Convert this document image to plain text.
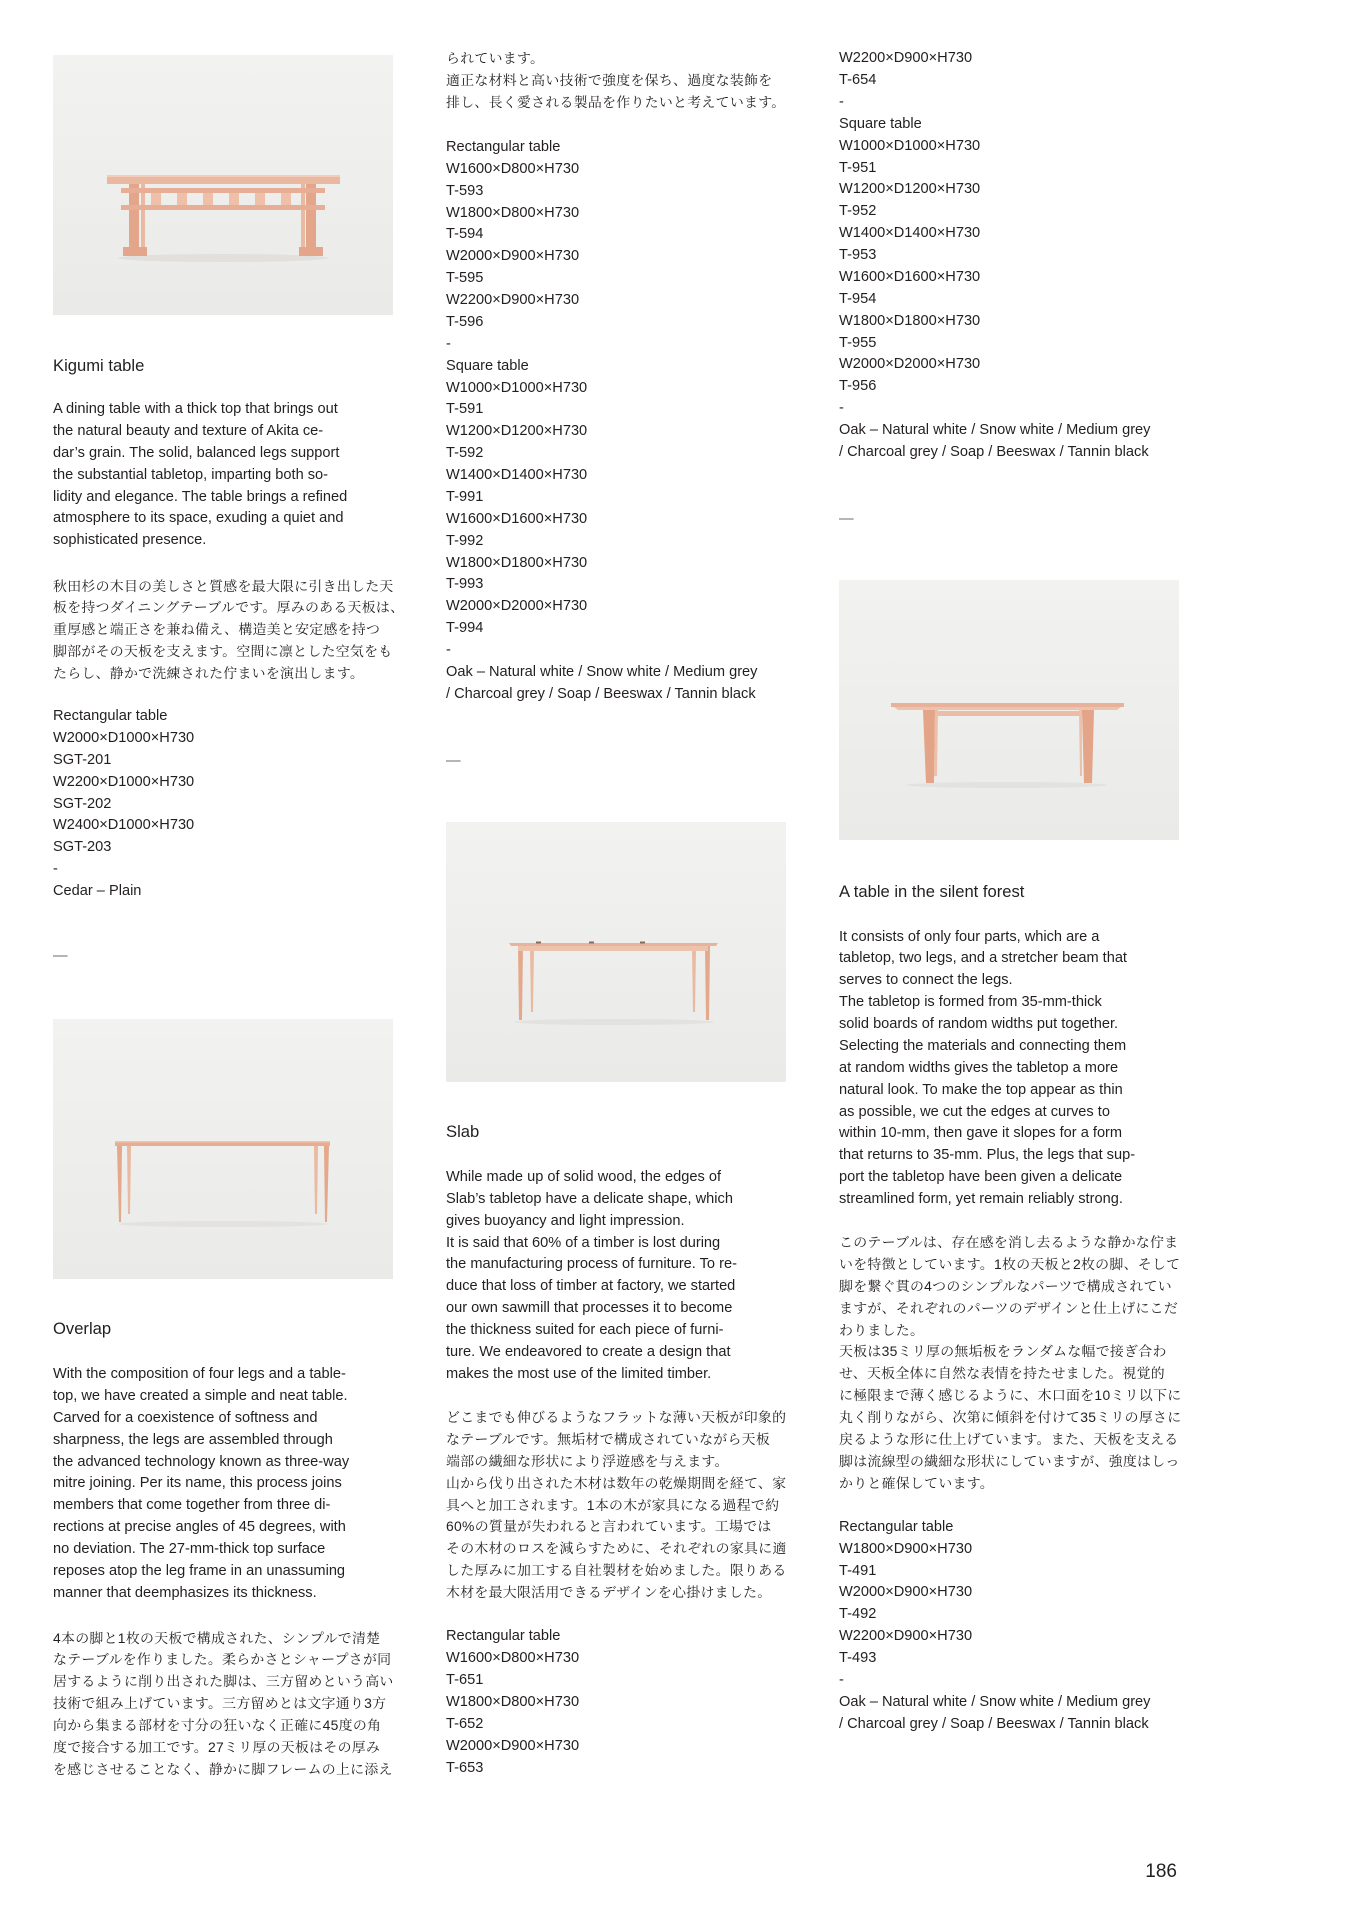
Kigumi table
A dining table with a thick top that brings out
the natural beauty and texture of Akita ce-
dar’s grain. The solid, balanced legs support
the substantial tabletop, imparting both so-
lidity and elegance. The table brings a refined
atmosphere to its space, exuding a quiet and
sophisticated presence.
秋田杉の木目の美しさと質感を最大限に引き出した天
板を持つダイニングテーブルです。厚みのある天板は、
重厚感と端正さを兼ね備え、構造美と安定感を持つ
脚部がその天板を支えます。空間に凛とした空気をも
たらし、静かで洗練された佇まいを演出します。
Rectangular table
W2000×D1000×H730
SGT-201
W2200×D1000×H730
SGT-202
W2400×D1000×H730
SGT-203
-
Cedar – Plain
—
Overlap
With the composition of four legs and a table-
top, we have created a simple and neat table.
Carved for a coexistence of softness and
sharpness, the legs are assembled through
the advanced technology known as three-way
mitre joining. Per its name, this process joins
members that come together from three di-
rections at precise angles of 45 degrees, with
no deviation. The 27-mm-thick top surface
reposes atop the leg frame in an unassuming
manner that deemphasizes its thickness.
4本の脚と1枚の天板で構成された、シンプルで清楚
なテーブルを作りました。柔らかさとシャープさが同
居するように削り出された脚は、三方留めという高い
技術で組み上げています。三方留めとは文字通り3方
向から集まる部材を寸分の狂いなく正確に45度の角
度で接合する加工です。27ミリ厚の天板はその厚み
を感じさせることなく、静かに脚フレームの上に添え
られています。
適正な材料と高い技術で強度を保ち、過度な装飾を
排し、長く愛される製品を作りたいと考えています。
Rectangular table
W1600×D800×H730
T-593
W1800×D800×H730
T-594
W2000×D900×H730
T-595
W2200×D900×H730
T-596
-
Square table
W1000×D1000×H730
T-591
W1200×D1200×H730
T-592
W1400×D1400×H730
T-991
W1600×D1600×H730
T-992
W1800×D1800×H730
T-993
W2000×D2000×H730
T-994
-
Oak – Natural white / Snow white / Medium grey
/ Charcoal grey / Soap / Beeswax / Tannin black
—
Slab
While made up of solid wood, the edges of
Slab’s tabletop have a delicate shape, which
gives buoyancy and light impression.
It is said that 60% of a timber is lost during
the manufacturing process of furniture. To re-
duce that loss of timber at factory, we started
our own sawmill that processes it to become
the thickness suited for each piece of furni-
ture. We endeavored to create a design that
makes the most use of the limited timber.
どこまでも伸びるようなフラットな薄い天板が印象的
なテーブルです。無垢材で構成されていながら天板
端部の繊細な形状により浮遊感を与えます。
山から伐り出された木材は数年の乾燥期間を経て、家
具へと加工されます。1本の木が家具になる過程で約
60%の質量が失われると言われています。工場では
その木材のロスを減らすために、それぞれの家具に適
した厚みに加工する自社製材を始めました。限りある
木材を最大限活用できるデザインを心掛けました。
Rectangular table
W1600×D800×H730
T-651
W1800×D800×H730
T-652
W2000×D900×H730
T-653
W2200×D900×H730
T-654
-
Square table
W1000×D1000×H730
T-951
W1200×D1200×H730
T-952
W1400×D1400×H730
T-953
W1600×D1600×H730
T-954
W1800×D1800×H730
T-955
W2000×D2000×H730
T-956
-
Oak – Natural white / Snow white / Medium grey
/ Charcoal grey / Soap / Beeswax / Tannin black
—
A table in the silent forest
It consists of only four parts, which are a
tabletop, two legs, and a stretcher beam that
serves to connect the legs.
The tabletop is formed from 35-mm-thick
solid boards of random widths put together.
Selecting the materials and connecting them
at random widths gives the tabletop a more
natural look. To make the top appear as thin
as possible, we cut the edges at curves to
within 10-mm, then gave it slopes for a form
that returns to 35-mm. Plus, the legs that sup-
port the tabletop have been given a delicate
streamlined form, yet remain reliably strong.
このテーブルは、存在感を消し去るような静かな佇ま
いを特徴としています。1枚の天板と2枚の脚、そして
脚を繋ぐ貫の4つのシンプルなパーツで構成されてい
ますが、それぞれのパーツのデザインと仕上げにこだ
わりました。
天板は35ミリ厚の無垢板をランダムな幅で接ぎ合わ
せ、天板全体に自然な表情を持たせました。視覚的
に極限まで薄く感じるように、木口面を10ミリ以下に
丸く削りながら、次第に傾斜を付けて35ミリの厚さに
戻るような形に仕上げています。また、天板を支える
脚は流線型の繊細な形状にしていますが、強度はしっ
かりと確保しています。
Rectangular table
W1800×D900×H730
T-491
W2000×D900×H730
T-492
W2200×D900×H730
T-493
-
Oak – Natural white / Snow white / Medium grey
/ Charcoal grey / Soap / Beeswax / Tannin black
186
